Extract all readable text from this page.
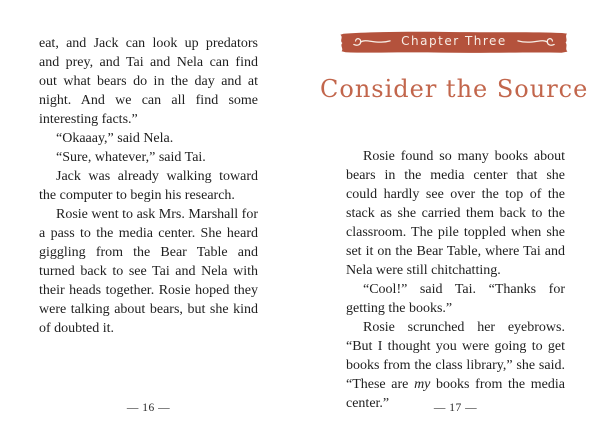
eat, and Jack can look up predators and prey, and Tai and Nela can find out what bears do in the day and at night. And we can all find some interesting facts.”

“Okaaay,” said Nela.

“Sure, whatever,” said Tai.

Jack was already walking toward the computer to begin his research.

Rosie went to ask Mrs. Marshall for a pass to the media center. She heard giggling from the Bear Table and turned back to see Tai and Nela with their heads together. Rosie hoped they were talking about bears, but she kind of doubted it.

— 16 —
Chapter Three
Consider the Source

Rosie found so many books about bears in the media center that she could hardly see over the top of the stack as she carried them back to the classroom. The pile toppled when she set it on the Bear Table, where Tai and Nela were still chitchatting.

“Cool!” said Tai. “Thanks for getting the books.”

Rosie scrunched her eyebrows. “But I thought you were going to get books from the class library,” she said. “These are my books from the media center.”	— 17 —
